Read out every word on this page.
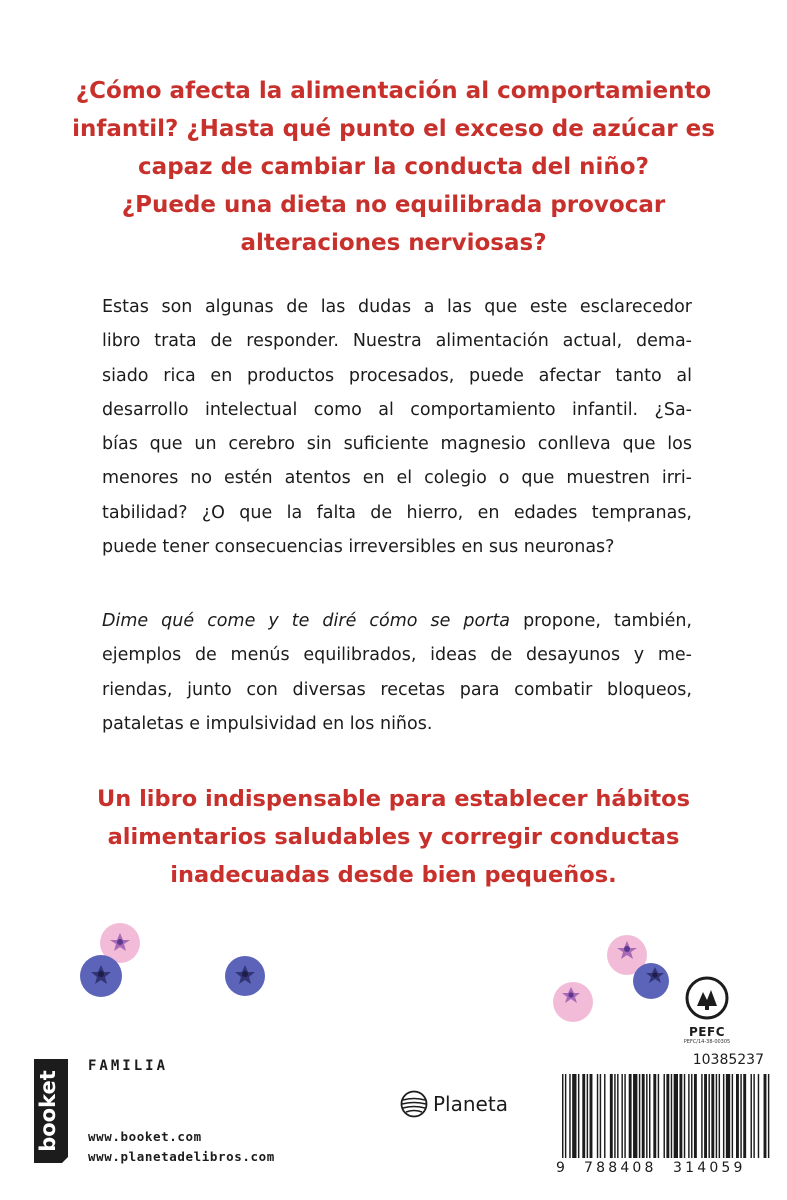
¿Cómo afecta la alimentación al comportamiento
infantil? ¿Hasta qué punto el exceso de azúcar es
capaz de cambiar la conducta del niño?
¿Puede una dieta no equilibrada provocar
alteraciones nerviosas?
Estas son algunas de las dudas a las que este esclarecedor
libro trata de responder. Nuestra alimentación actual, dema-
siado rica en productos procesados, puede afectar tanto al
desarrollo intelectual como al comportamiento infantil. ¿Sa-
bías que un cerebro sin suficiente magnesio conlleva que los
menores no estén atentos en el colegio o que muestren irri-
tabilidad? ¿O que la falta de hierro, en edades tempranas,
puede tener consecuencias irreversibles en sus neuronas?
Dime qué come y te diré cómo se porta propone, también,
ejemplos de menús equilibrados, ideas de desayunos y me-
riendas, junto con diversas recetas para combatir bloqueos,
pataletas e impulsividad en los niños.
Un libro indispensable para establecer hábitos
alimentarios saludables y corregir conductas
inadecuadas desde bien pequeños.
PEFC
PEFC/14-38-00305
booket
FAMILIA
www.booket.com
www.planetadelibros.com
Planeta
10385237
9 788408 314059
